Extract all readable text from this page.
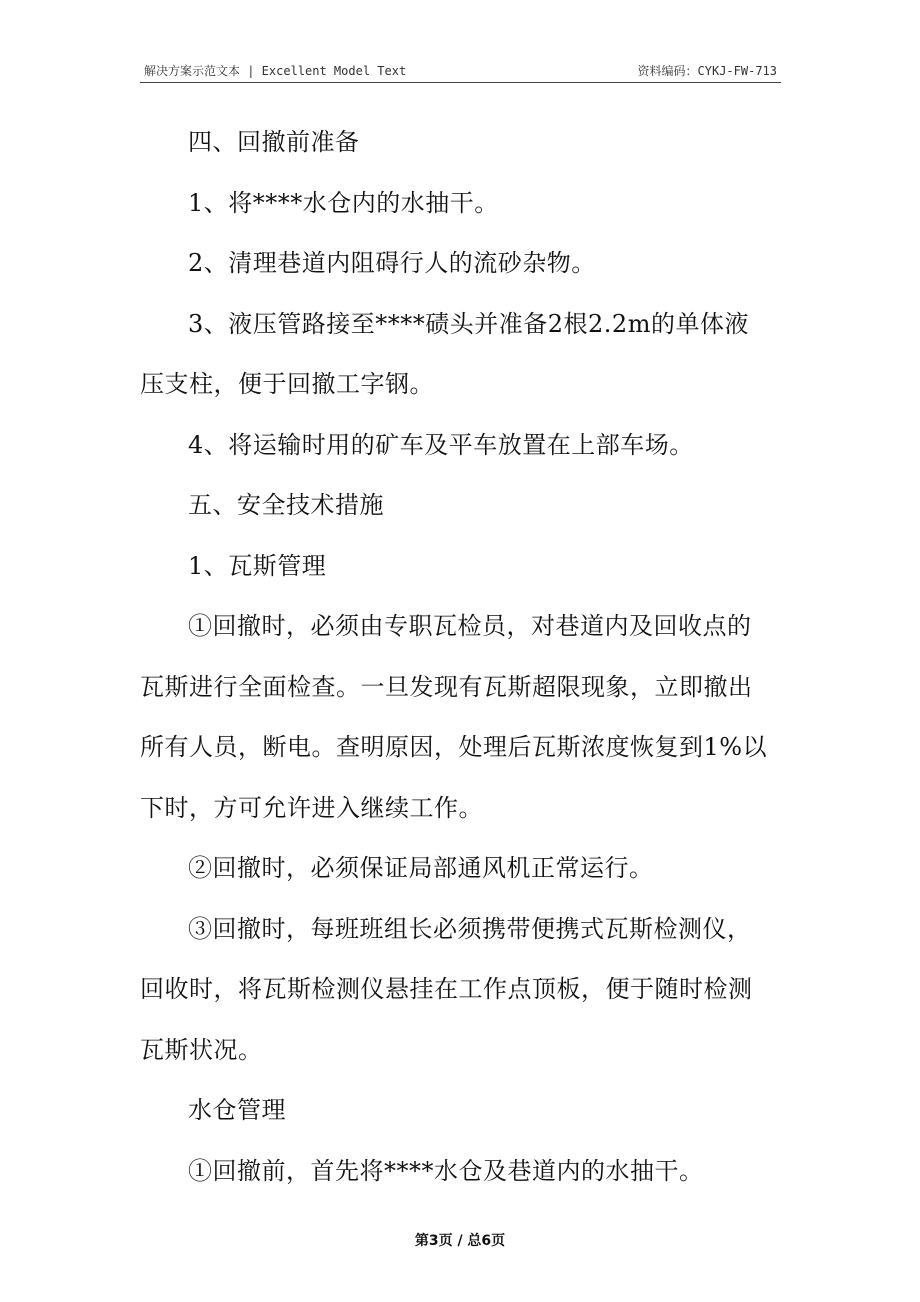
解决方案示范文本 | Excellent Model Text	资料编码：CYKJ-FW-713

四、回撤前准备

1、将****水仓内的水抽干。

2、清理巷道内阻碍行人的流砂杂物。

3、液压管路接至****碛头并准备2根2.2m的单体液压支柱，便于回撤工字钢。

4、将运输时用的矿车及平车放置在上部车场。

五、安全技术措施

1、瓦斯管理

①回撤时，必须由专职瓦检员，对巷道内及回收点的瓦斯进行全面检查。一旦发现有瓦斯超限现象，立即撤出所有人员，断电。查明原因，处理后瓦斯浓度恢复到1%以下时，方可允许进入继续工作。

②回撤时，必须保证局部通风机正常运行。

③回撤时，每班班组长必须携带便携式瓦斯检测仪，回收时，将瓦斯检测仪悬挂在工作点顶板，便于随时检测瓦斯状况。

水仓管理

①回撤前，首先将****水仓及巷道内的水抽干。

第3页 / 总6页
